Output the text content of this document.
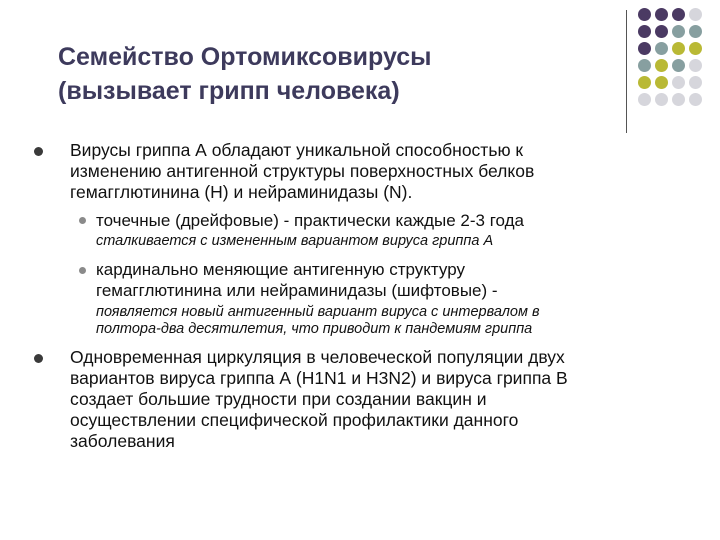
Семейство Ортомиксовирусы
(вызывает грипп человека)
Вирусы гриппа А обладают уникальной способностью к
изменению антигенной структуры поверхностных белков
гемагглютинина (H) и нейраминидазы (N).
точечные (дрейфовые) - практически каждые 2-3 года
сталкивается с измененным вариантом вируса гриппа А
кардинально меняющие антигенную структуру
гемагглютинина или нейраминидазы (шифтовые) -
появляется новый антигенный вариант вируса с интервалом в
полтора-два десятилетия, что приводит к пандемиям гриппа
Одновременная циркуляция в человеческой популяции двух
вариантов вируса гриппа А (H1N1 и H3N2) и вируса гриппа В
создает большие трудности при создании вакцин и
осуществлении специфической профилактики данного
заболевания
